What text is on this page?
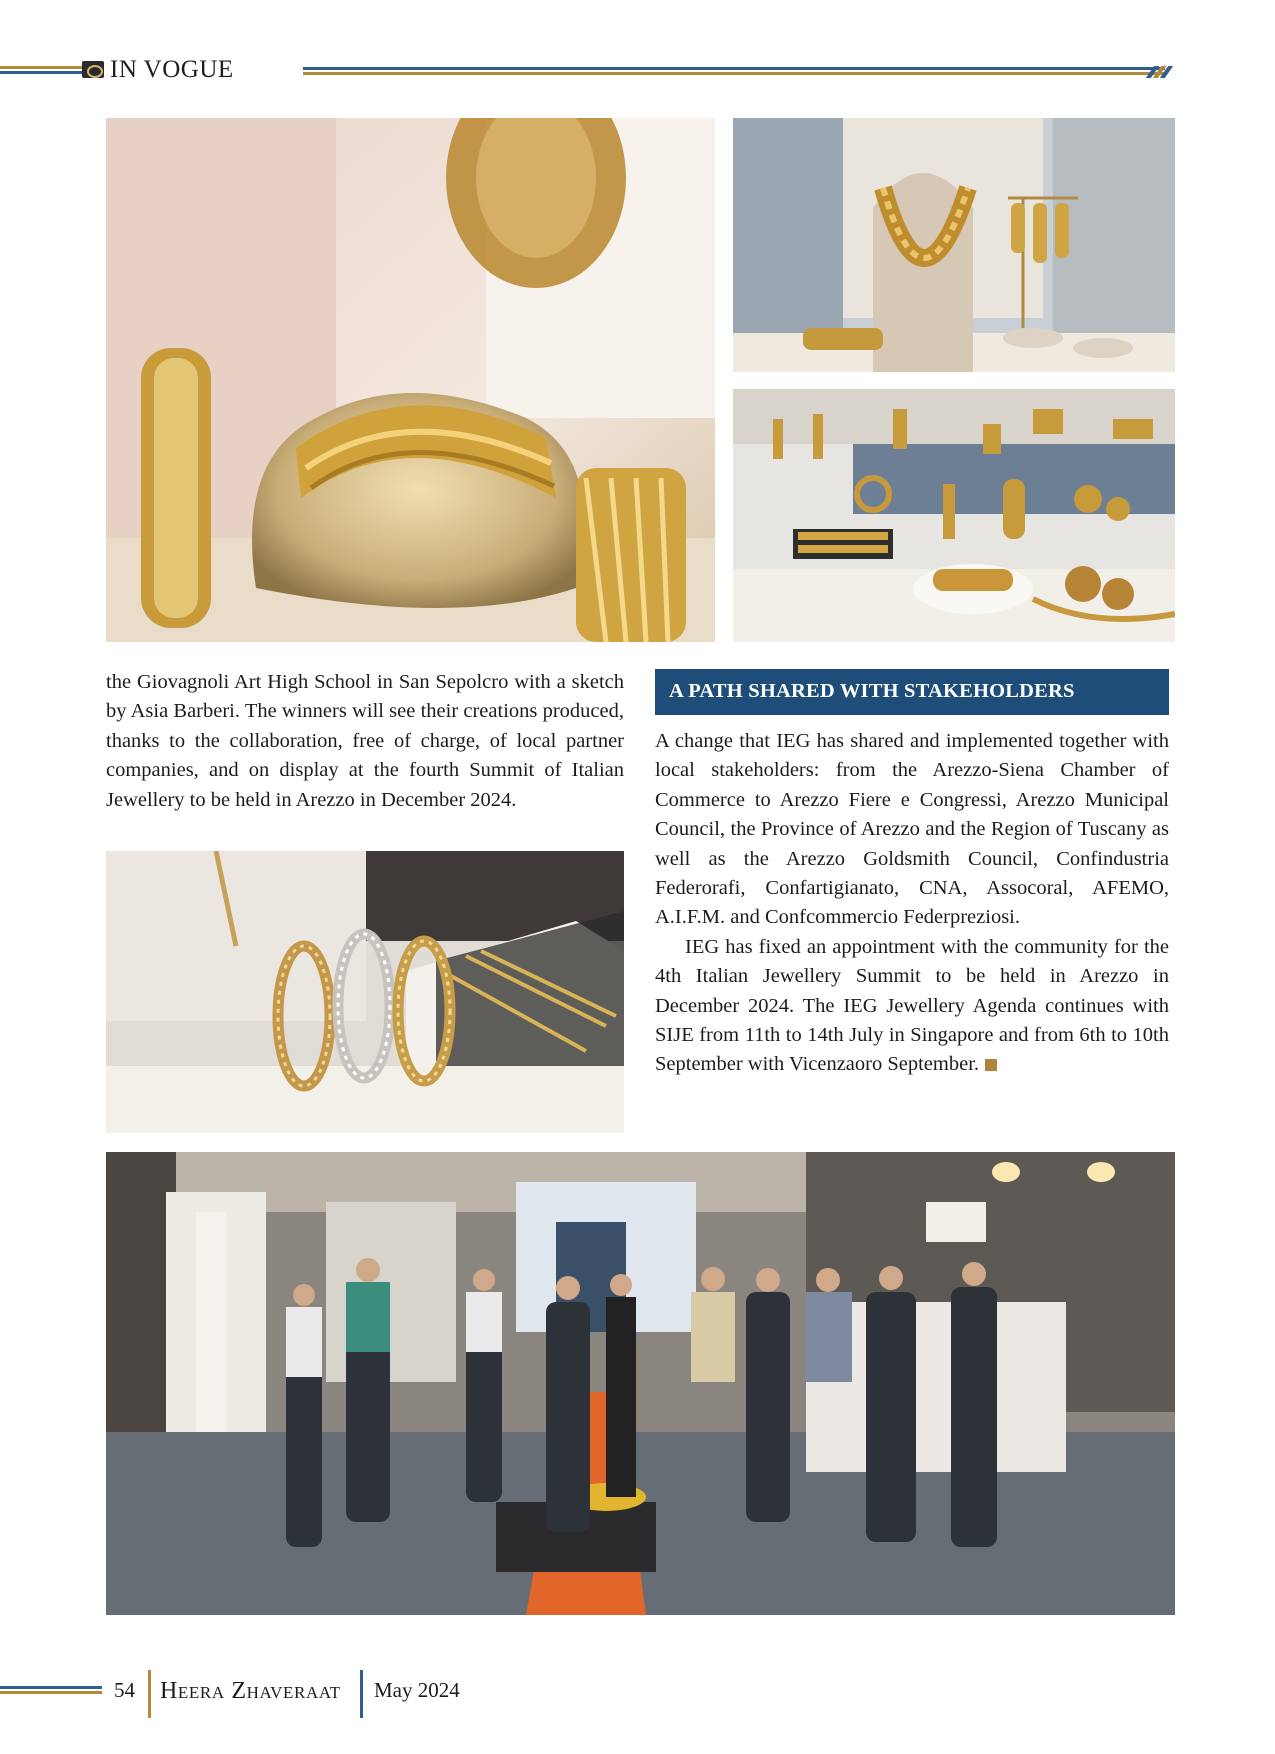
IN VOGUE

the Giovagnoli Art High School in San Sepolcro with a sketch by Asia Barberi. The winners will see their creations produced, thanks to the collaboration, free of charge, of local partner companies, and on display at the fourth Summit of Italian Jewellery to be held in Arezzo in December 2024.

A PATH SHARED WITH STAKEHOLDERS

A change that IEG has shared and implemented together with local stakeholders: from the Arezzo-Siena Chamber of Commerce to Arezzo Fiere e Congressi, Arezzo Municipal Council, the Province of Arezzo and the Region of Tuscany as well as the Arezzo Goldsmith Council, Confindustria Federorafi, Confartigianato, CNA, Assocoral, AFEMO, A.I.F.M. and Confcommercio Federpreziosi.

IEG has fixed an appointment with the community for the 4th Italian Jewellery Summit to be held in Arezzo in December 2024. The IEG Jewellery Agenda continues with SIJE from 11th to 14th July in Singapore and from 6th to 10th September with Vicenzaoro September.

54 Heera Zhaveraat May 2024
